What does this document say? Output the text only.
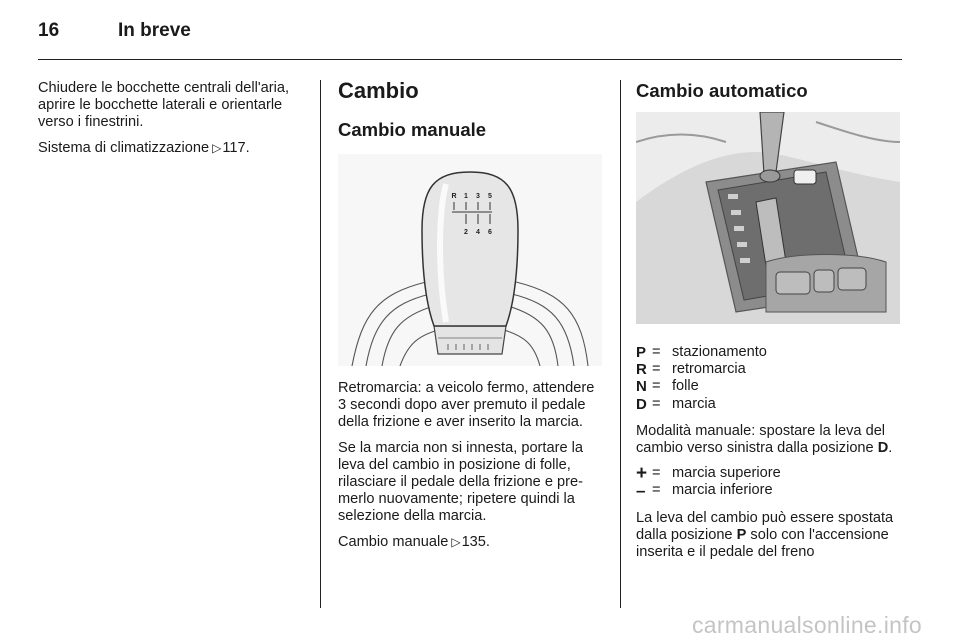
16	In breve

Chiudere le bocchette centrali dell'aria, aprire le bocchette laterali e orientarle verso i finestrini.

Sistema di climatizzazione ▷117.

Cambio
Cambio manuale
R 1 3 5
2 4 6

Retromarcia: a veicolo fermo, attendere 3 secondi dopo aver premuto il pedale della frizione e aver inserito la marcia.

Se la marcia non si innesta, portare la leva del cambio in posizione di folle, rilasciare il pedale della frizione e premerlo nuovamente; ripetere quindi la selezione della marcia.

Cambio manuale ▷135.

Cambio automatico
P = stazionamento
R = retromarcia
N = folle
D = marcia

Modalità manuale: spostare la leva del cambio verso sinistra dalla posizione D.

+ = marcia superiore
– = marcia inferiore

La leva del cambio può essere spostata dalla posizione P solo con l'accensione inserita e il pedale del freno

carmanualsonline.info
